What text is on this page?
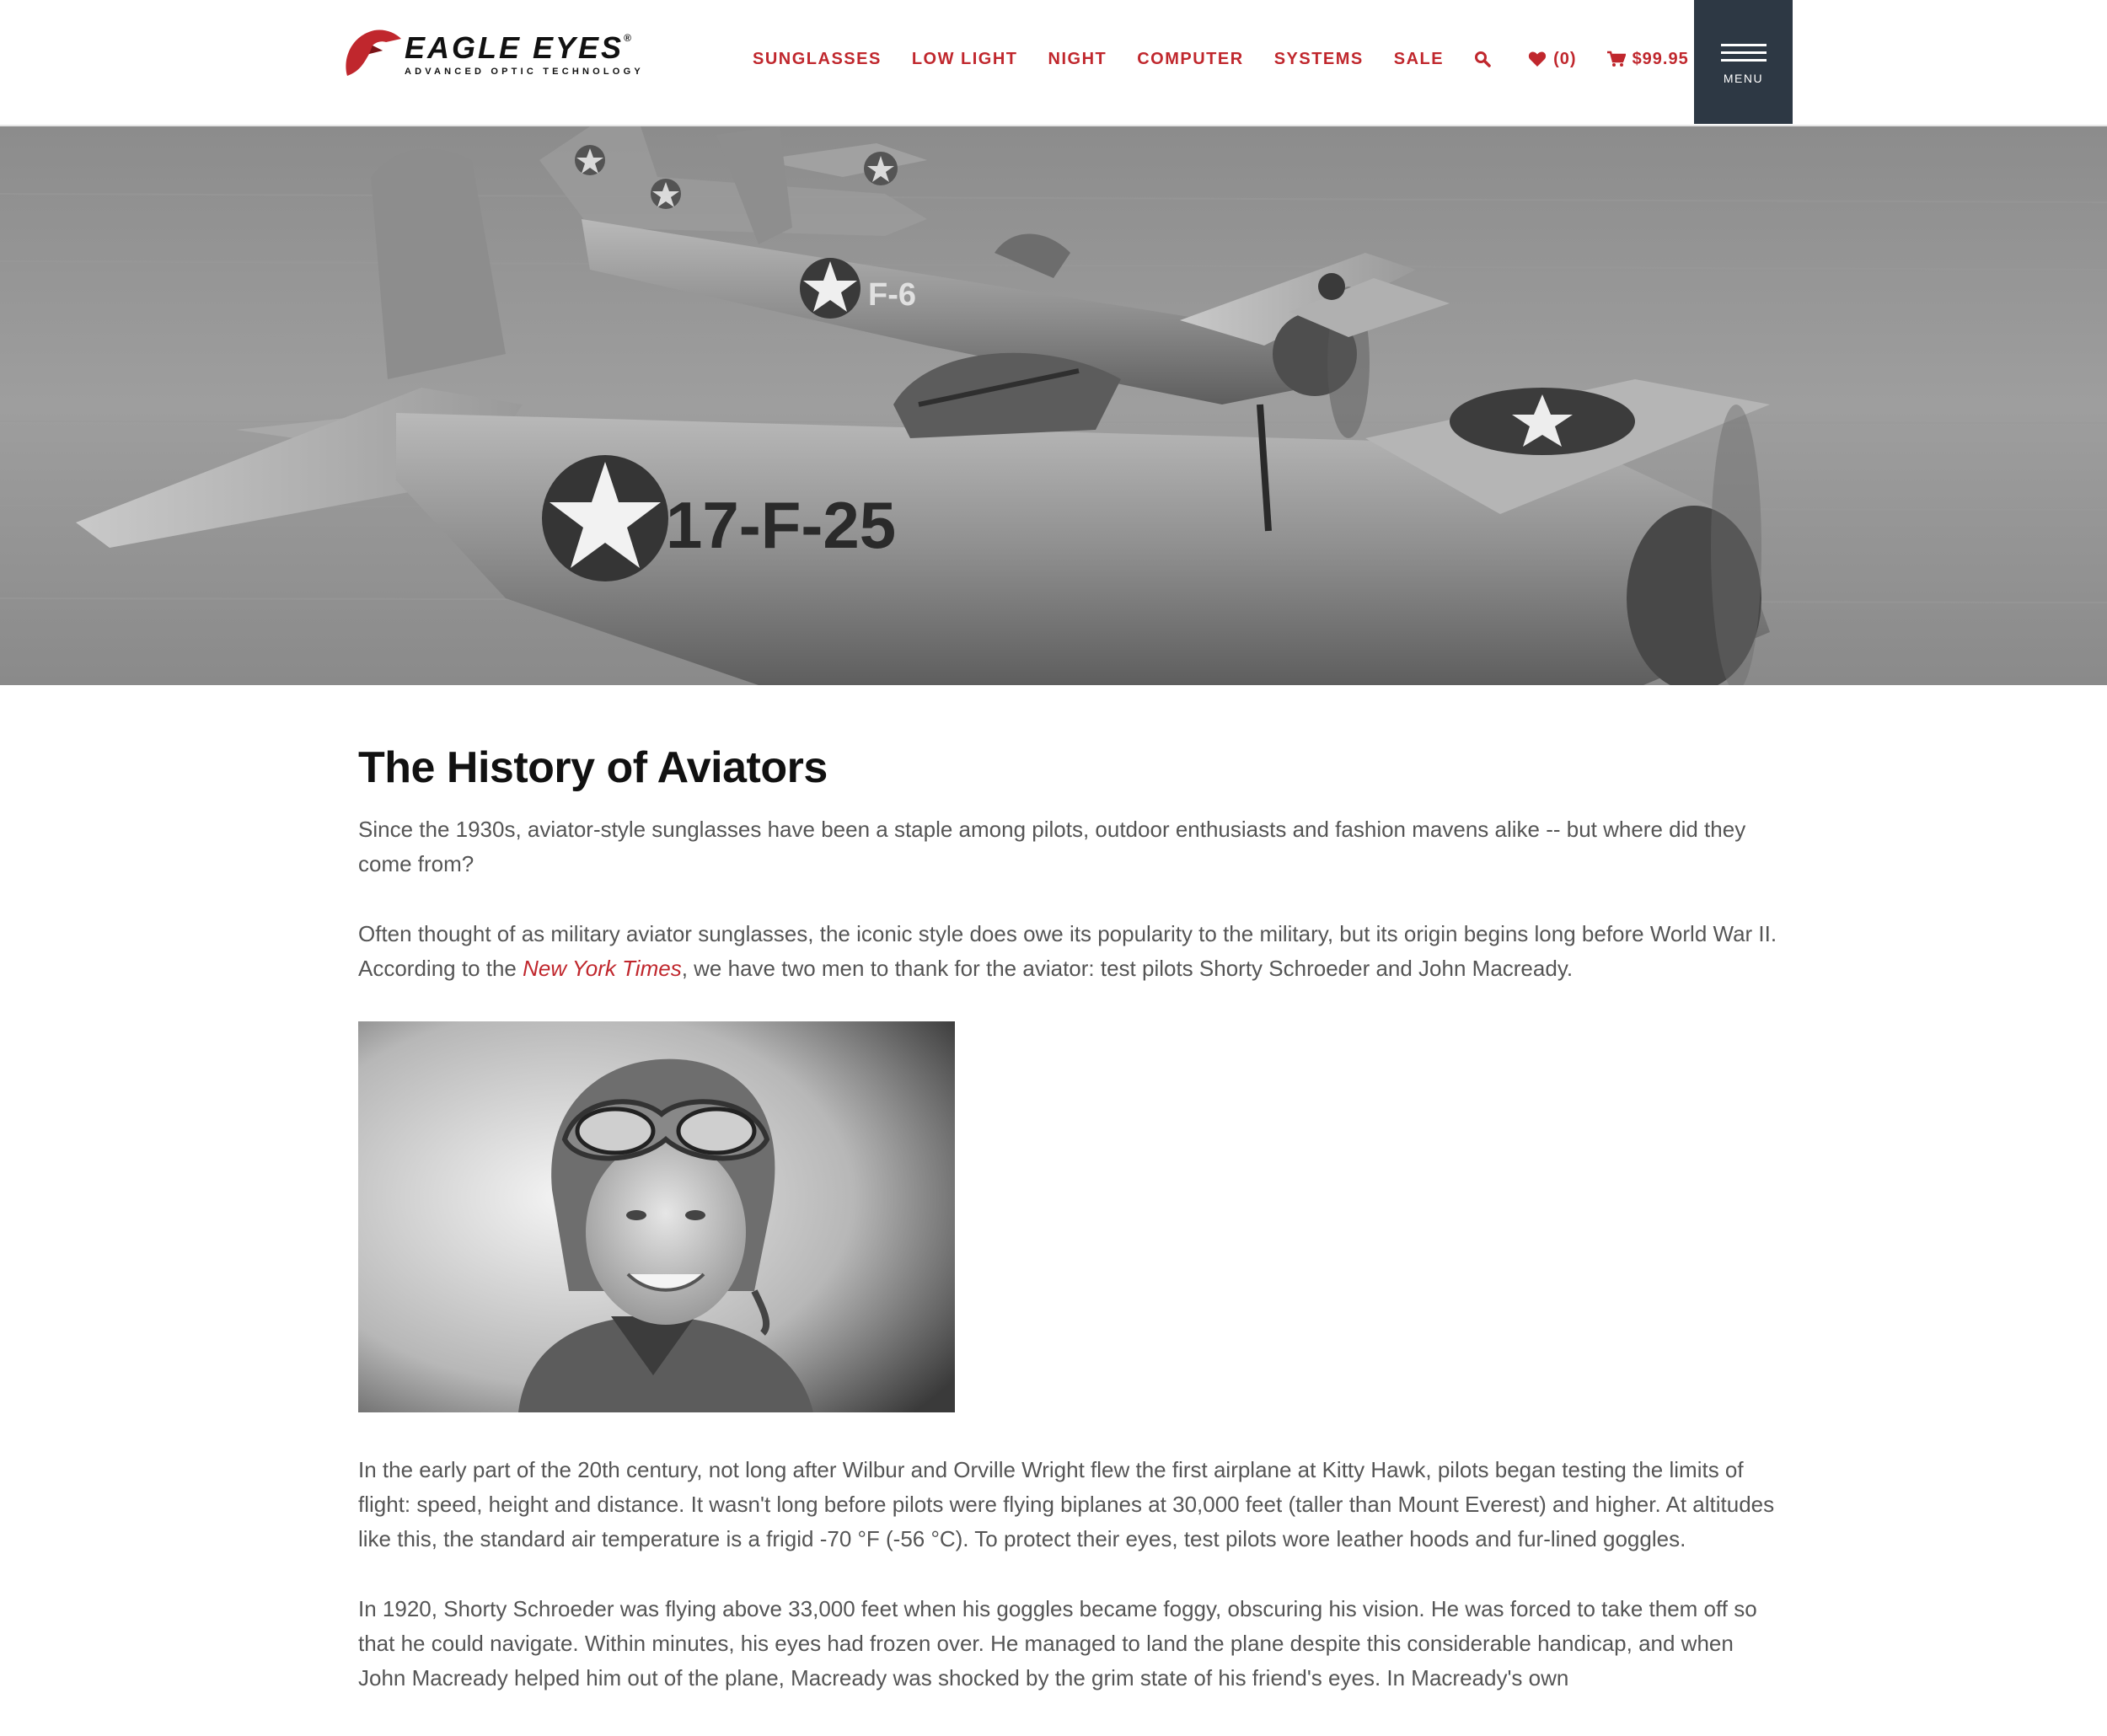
EAGLE EYES®
ADVANCED OPTIC TECHNOLOGY
SUNGLASSES LOW LIGHT NIGHT COMPUTER SYSTEMS SALE	(0)	$99.95
MENU
F-6
17-F-25
The History of Aviators

Since the 1930s, aviator-style sunglasses have been a staple among pilots, outdoor enthusiasts and fashion mavens alike -- but where did they come from?

Often thought of as military aviator sunglasses, the iconic style does owe its popularity to the military, but its origin begins long before World War II. According to the New York Times, we have two men to thank for the aviator: test pilots Shorty Schroeder and John Macready.

In the early part of the 20th century, not long after Wilbur and Orville Wright flew the first airplane at Kitty Hawk, pilots began testing the limits of flight: speed, height and distance. It wasn't long before pilots were flying biplanes at 30,000 feet (taller than Mount Everest) and higher. At altitudes like this, the standard air temperature is a frigid -70 °F (-56 °C). To protect their eyes, test pilots wore leather hoods and fur-lined goggles.

In 1920, Shorty Schroeder was flying above 33,000 feet when his goggles became foggy, obscuring his vision. He was forced to take them off so that he could navigate. Within minutes, his eyes had frozen over. He managed to land the plane despite this considerable handicap, and when John Macready helped him out of the plane, Macready was shocked by the grim state of his friend's eyes. In Macready's own
